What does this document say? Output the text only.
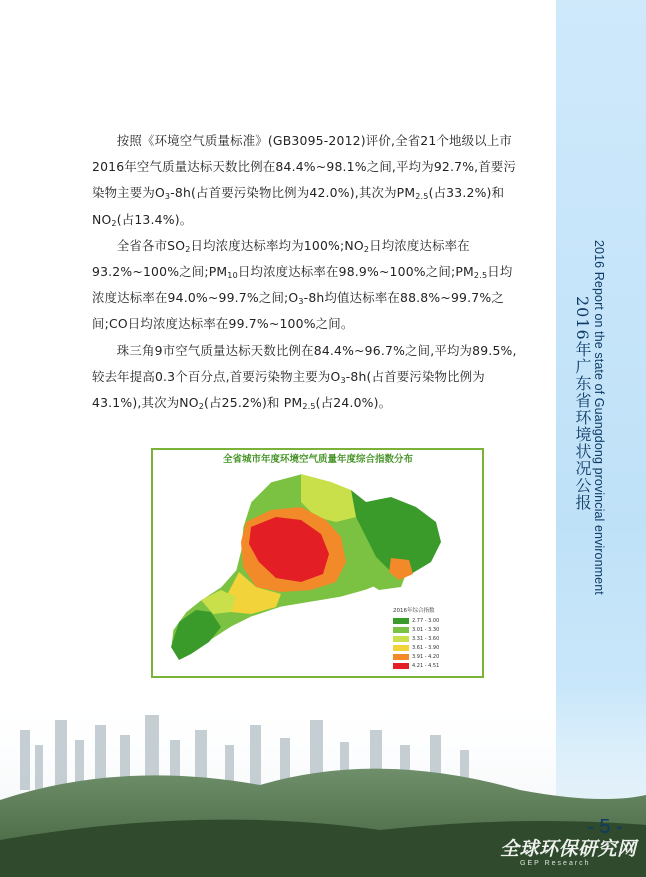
2016 Report on the state of Guangdong provincial environment
2016年广东省环境状况公报

按照《环境空气质量标准》(GB3095-2012)评价,全省21个地级以上市2016年空气质量达标天数比例在84.4%~98.1%之间,平均为92.7%,首要污染物主要为$O_3-8h$(占首要污染物比例为42.0%),其次为$PM_{2.5}$(占33.2%)和$NO_2$(占13.4%)。

全省各市$SO_2$日均浓度达标率均为$100\%;NO_2$日均浓度达标率在93.2%~100%之间$;PM_{10}$日均浓度达标率在98.9%~100%之间$;PM_{2.5}$日均浓度达标率在94.0%~99.7%之间$;O_3-8h$均值达标率在88.8%~99.7%之间;CO日均浓度达标率在99.7%~100%之间。

珠三角9市空气质量达标天数比例在84.4%~96.7%之间,平均为89.5%,较去年提高0.3个百分点,首要污染物主要为$O_3-8h$(占首要污染物比例为43.1%),其次为$NO_2$(占25.2%)和 $PM_{2.5}$(占24.0%)。

全省城市年度环境空气质量年度综合指数分布
2016年综合指数
2.77 - 3.00
3.01 - 3.30
3.31 - 3.60
3.61 - 3.90
3.91 - 4.20
4.21 - 4.51
- 5 -
全球环保研究网
GEP Research
